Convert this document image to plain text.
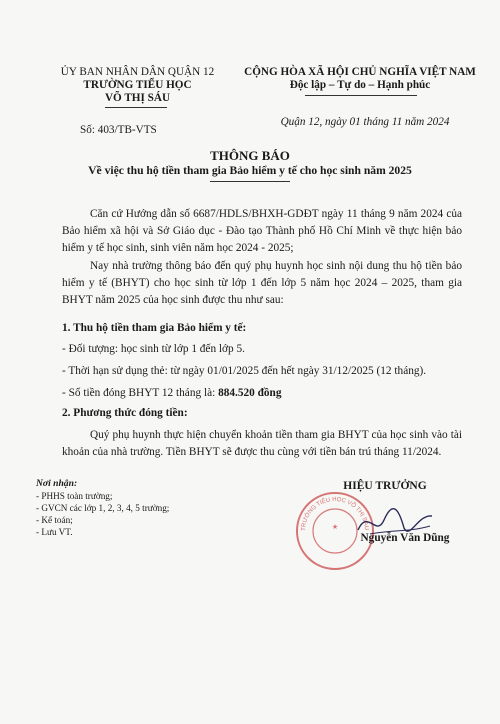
ỦY BAN NHÂN DÂN QUẬN 12
TRƯỜNG TIỂU HỌC
VÕ THỊ SÁU
CỘNG HÒA XÃ HỘI CHỦ NGHĨA VIỆT NAM
Độc lập – Tự do – Hạnh phúc
Số: 403/TB-VTS
Quận 12, ngày 01 tháng 11 năm 2024
THÔNG BÁO
Về việc thu hộ tiền tham gia Bảo hiểm y tế cho học sinh năm 2025
Căn cứ Hướng dẫn số 6687/HDLS/BHXH-GDĐT ngày 11 tháng 9 năm 2024 của Bảo hiểm xã hội và Sở Giáo dục - Đào tạo Thành phố Hồ Chí Minh về thực hiện bảo hiểm y tế học sinh, sinh viên năm học 2024 - 2025;
Nay nhà trường thông báo đến quý phụ huynh học sinh nội dung thu hộ tiền bảo hiểm y tế (BHYT) cho học sinh từ lớp 1 đến lớp 5 năm học 2024 – 2025, tham gia BHYT năm 2025 của học sinh được thu như sau:
1. Thu hộ tiền tham gia Bảo hiểm y tế:
- Đối tượng: học sinh từ lớp 1 đến lớp 5.
- Thời hạn sử dụng thẻ: từ ngày 01/01/2025 đến hết ngày 31/12/2025 (12 tháng).
- Số tiền đóng BHYT 12 tháng là: 884.520 đồng
2. Phương thức đóng tiền:
Quý phụ huynh thực hiện chuyển khoản tiền tham gia BHYT của học sinh vào tài khoản của nhà trường. Tiền BHYT sẽ được thu cùng với tiền bán trú tháng 11/2024.
Nơi nhận:
- PHHS toàn trường;
- GVCN các lớp 1, 2, 3, 4, 5 trường;
- Kế toán;
- Lưu VT.	TRƯỜNG TIỂU HỌC VÕ THỊ SÁU
★
HIỆU TRƯỞNG
Nguyễn Văn Dũng
